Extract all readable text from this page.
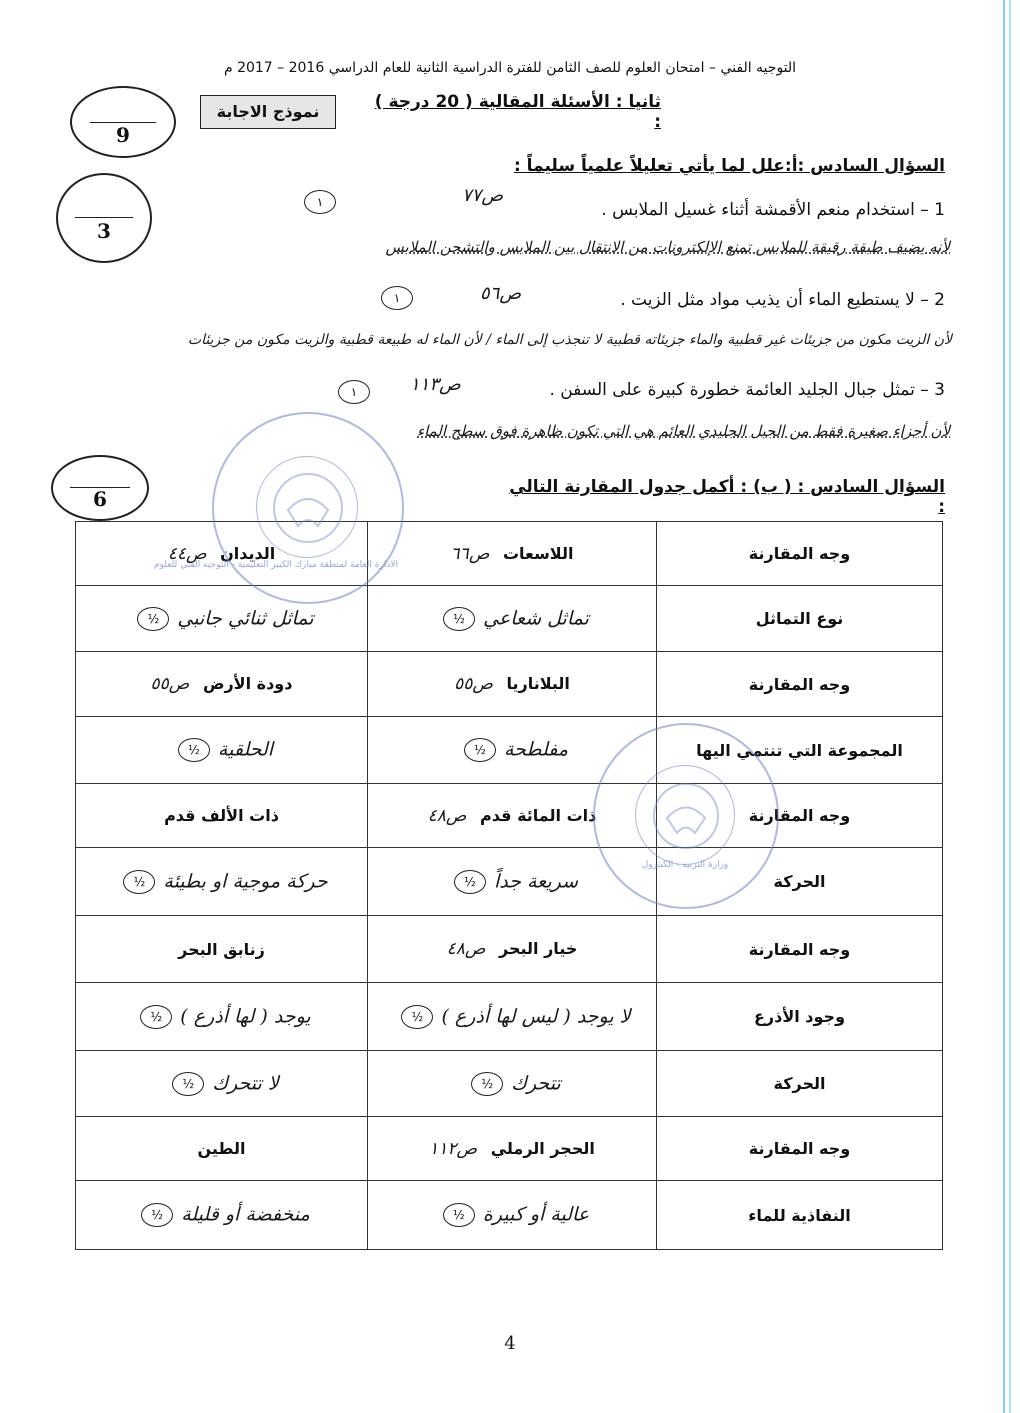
التوجيه الفني – امتحان العلوم للصف الثامن للفترة الدراسية الثانية للعام الدراسي 2016 – 2017 م
ثانيا : الأسئلة المقالية ( 20 درجة ) :
نموذج الاجابة
9
السؤال السادس :أ:علل لما يأتي تعليلاً علمياً سليماً :
3
1 – استخدام منعم الأقمشة أثناء غسيل الملابس .
ص٧٧
١
لأنه يضيف طبقة رقيقة للملابس تمنع الإلكترونات من الانتقال بين الملابس والتشحن الملابس
2 – لا يستطيع الماء أن يذيب مواد مثل الزيت .
ص٥٦
١
لأن الزيت مكون من جزيئات غير قطبية والماء جزيئاته قطبية لا تنجذب إلى الماء / لأن الماء له طبيعة قطبية والزيت مكون من جزيئات
3 – تمثل جبال الجليد العائمة خطورة كبيرة على السفن .
ص١١٣
١
لأن أجزاء صغيرة فقط من الجبل الجليدي العائم هي التي تكون ظاهرة فوق سطح الماء
السؤال السادس : ( ب) : أكمل جدول المقارنة التالي :
6
وجه المقارنة	اللاسعات ص٦٦	الديدان ص٤٤
نوع التماثل	تماثل شعاعي½	تماثل ثنائي جانبي½
وجه المقارنة	البلاناريا ص٥٥	دودة الأرض ص٥٥
المجموعة التي تنتمي اليها	مفلطحة½	الحلقية½
وجه المقارنة	ذات المائة قدم ص٤٨	ذات الألف قدم
الحركة	سريعة جداً½	حركة موجية او بطيئة½
وجه المقارنة	خيار البحر ص٤٨	زنابق البحر
وجود الأذرع	لا يوجد ( ليس لها أذرع )½	يوجد ( لها أذرع )½
الحركة	تتحرك½	لا تتحرك½
وجه المقارنة	الحجر الرملي ص١١٢	الطين
النفاذية للماء	عالية أو كبيرة½	منخفضة أو قليلة½
الادارة العامة لمنطقة مبارك الكبير التعليمية - التوجيه الفني للعلوم
وزارة التربية - الكنترول
4
